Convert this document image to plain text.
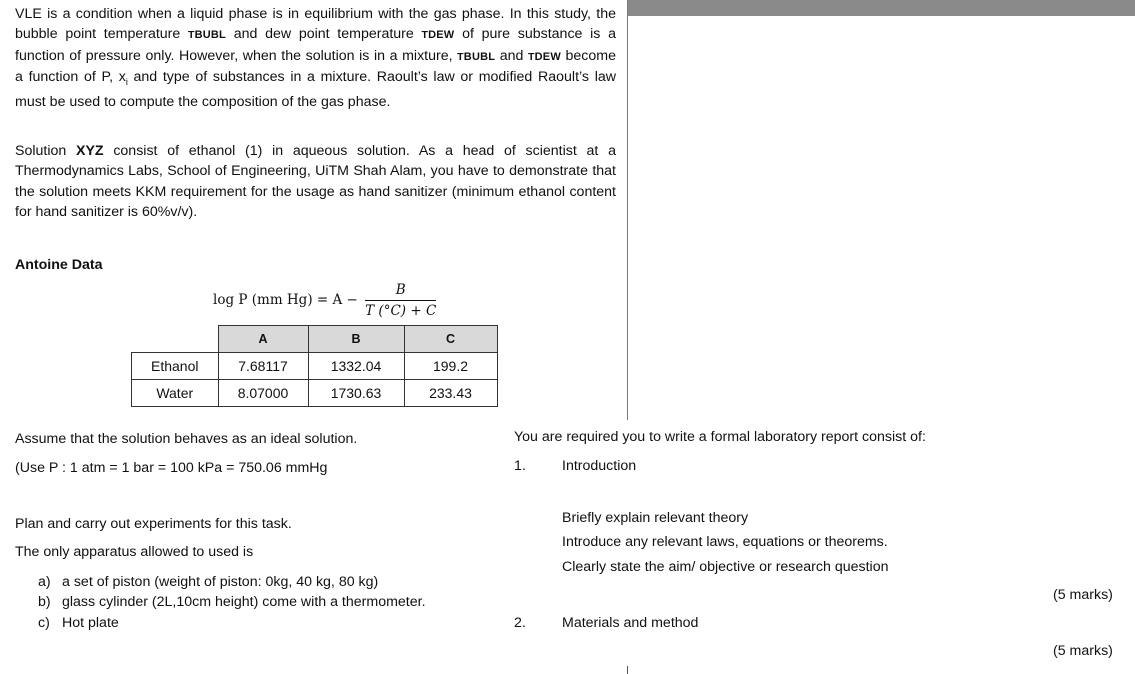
VLE is a condition when a liquid phase is in equilibrium with the gas phase. In this study, the bubble point temperature TBUBL and dew point temperature TDEW of pure substance is a function of pressure only. However, when the solution is in a mixture, TBUBL and TDEW become a function of P, $x_i$ and type of substances in a mixture. Raoult’s law or modified Raoult’s law must be used to compute the composition of the gas phase.

Solution XYZ consist of ethanol (1) in aqueous solution. As a head of scientist at a Thermodynamics Labs, School of Engineering, UiTM Shah Alam, you have to demonstrate that the solution meets KKM requirement for the usage as hand sanitizer (minimum ethanol content for hand sanitizer is 60%v/v).

Antoine Data
log P (mm $Hg) = A - \frac{B}{T (^\circ C) + C}$
	A	B	C
Ethanol	7.68117	1332.04	199.2
Water	8.07000	1730.63	233.43
Assume that the solution behaves as an ideal solution.
(Use P : 1 atm = 1 bar = 100 kPa = 750.06 mmHg
Plan and carry out experiments for this task.
The only apparatus allowed to used is
a) a set of piston (weight of piston: 0kg, 40 kg, 80 kg)
b) glass cylinder (2L,10cm height) come with a thermometer.
c) Hot plate
You are required you to write a formal laboratory report consist of:
1.	Introduction
Briefly explain relevant theory
Introduce any relevant laws, equations or theorems.
Clearly state the aim/ objective or research question
(5 marks)
2.	Materials and method
(5 marks)
